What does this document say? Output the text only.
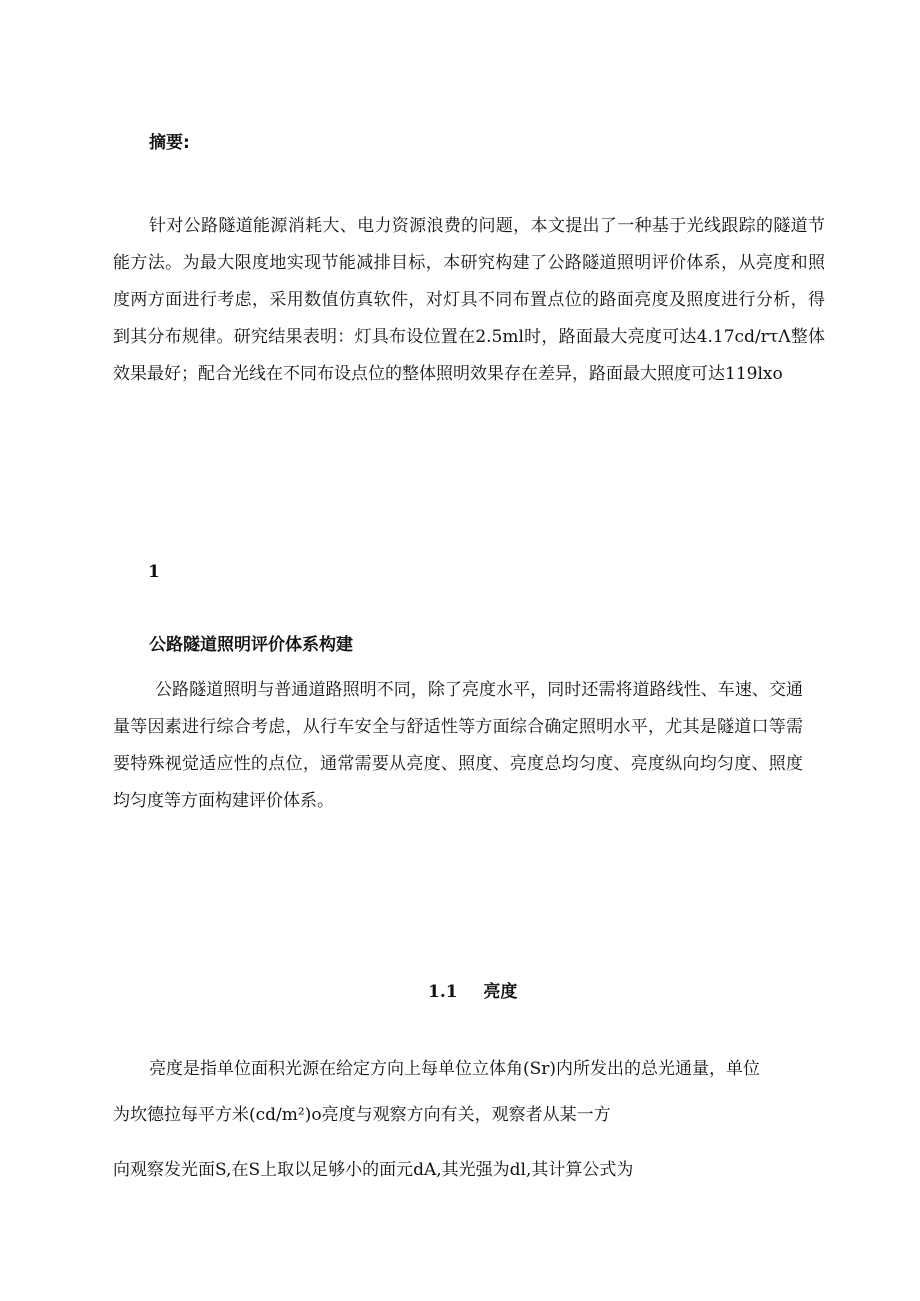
摘要:
针对公路隧道能源消耗大、电力资源浪费的问题，本文提出了一种基于光线跟踪的隧道节能方法。为最大限度地实现节能减排目标，本研究构建了公路隧道照明评价体系，从亮度和照度两方面进行考虑，采用数值仿真软件，对灯具不同布置点位的路面亮度及照度进行分析，得到其分布规律。研究结果表明：灯具布设位置在2.5ml时，路面最大亮度可达4.17cd∕rτΛ整体效果最好；配合光线在不同布设点位的整体照明效果存在差异，路面最大照度可达119lxo
1
公路隧道照明评价体系构建
公路隧道照明与普通道路照明不同，除了亮度水平，同时还需将道路线性、车速、交通量等因素进行综合考虑，从行车安全与舒适性等方面综合确定照明水平，尤其是隧道口等需要特殊视觉适应性的点位，通常需要从亮度、照度、亮度总均匀度、亮度纵向均匀度、照度均匀度等方面构建评价体系。
1.1 亮度
亮度是指单位面积光源在给定方向上每单位立体角(Sr)内所发出的总光通量，单位
为坎德拉每平方米(cd∕m²)o亮度与观察方向有关，观察者从某一方
向观察发光面S,在S上取以足够小的面元dA,其光强为dl,其计算公式为
